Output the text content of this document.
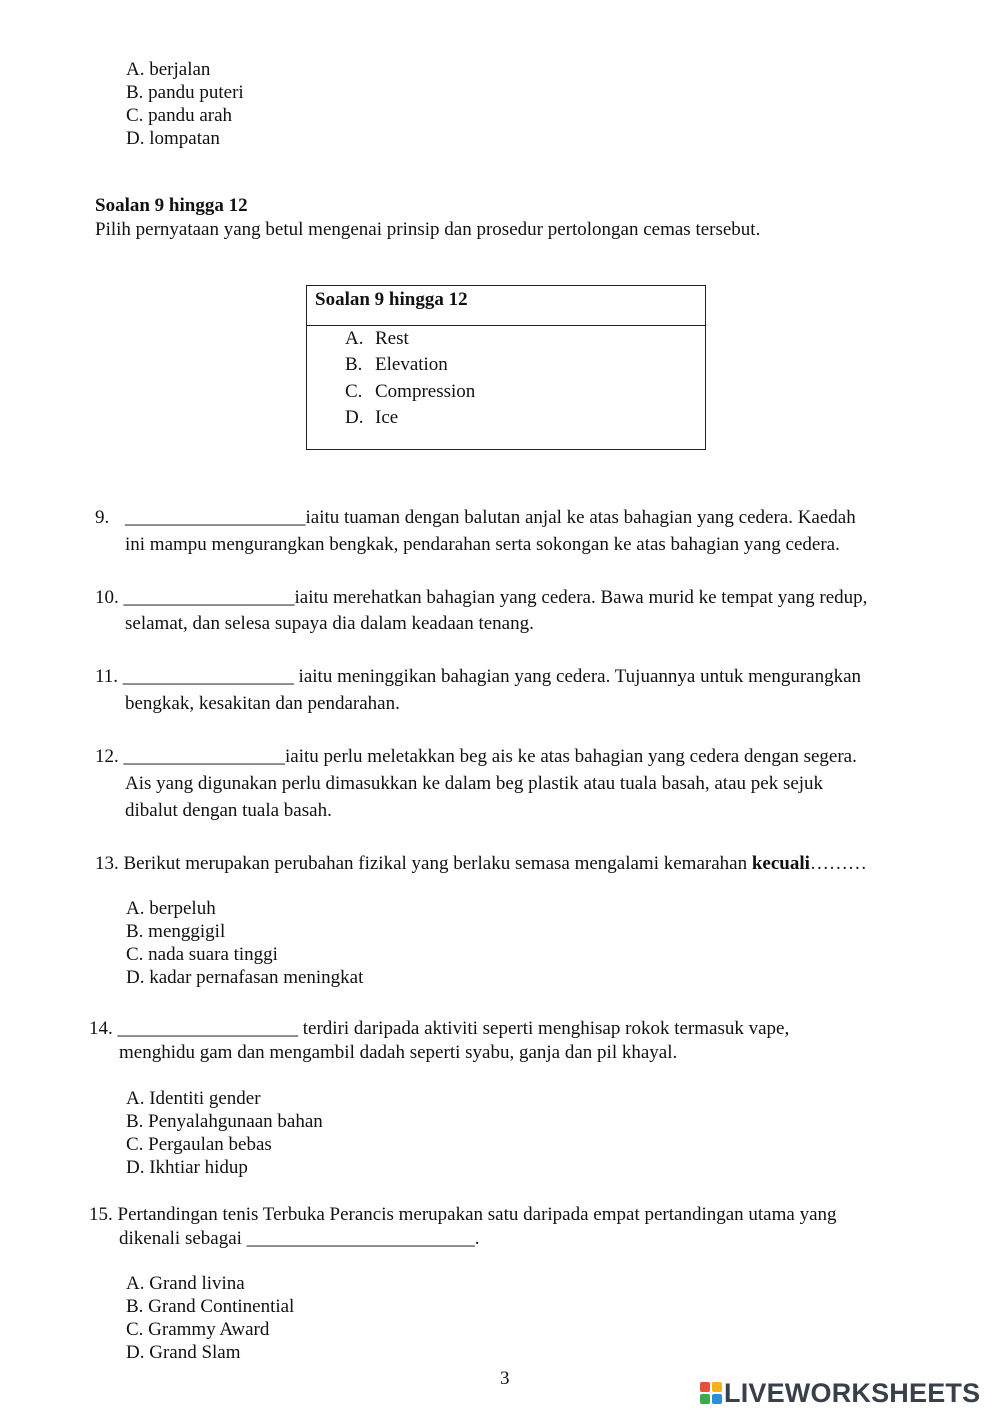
A. berjalan
B. pandu puteri
C. pandu arah
D. lompatan
Soalan 9 hingga 12
Pilih pernyataan yang betul mengenai prinsip dan prosedur pertolongan cemas tersebut.
Soalan 9 hingga 12
A. Rest
B. Elevation
C. Compression
D. Ice
9. ___________________iaitu tuaman dengan balutan anjal ke atas bahagian yang cedera. Kaedah
ini mampu mengurangkan bengkak, pendarahan serta sokongan ke atas bahagian yang cedera.
10. __________________iaitu merehatkan bahagian yang cedera. Bawa murid ke tempat yang redup,
selamat, dan selesa supaya dia dalam keadaan tenang.
11. __________________ iaitu meninggikan bahagian yang cedera. Tujuannya untuk mengurangkan
bengkak, kesakitan dan pendarahan.
12. _________________iaitu perlu meletakkan beg ais ke atas bahagian yang cedera dengan segera.
Ais yang digunakan perlu dimasukkan ke dalam beg plastik atau tuala basah, atau pek sejuk
dibalut dengan tuala basah.
13. Berikut merupakan perubahan fizikal yang berlaku semasa mengalami kemarahan kecuali………
A. berpeluh
B. menggigil
C. nada suara tinggi
D. kadar pernafasan meningkat
14. ___________________ terdiri daripada aktiviti seperti menghisap rokok termasuk vape,
menghidu gam dan mengambil dadah seperti syabu, ganja dan pil khayal.
A. Identiti gender
B. Penyalahgunaan bahan
C. Pergaulan bebas
D. Ikhtiar hidup
15. Pertandingan tenis Terbuka Perancis merupakan satu daripada empat pertandingan utama yang
dikenali sebagai ________________________.
A. Grand livina
B. Grand Continential
C. Grammy Award
D. Grand Slam
3	LIVEWORKSHEETS
